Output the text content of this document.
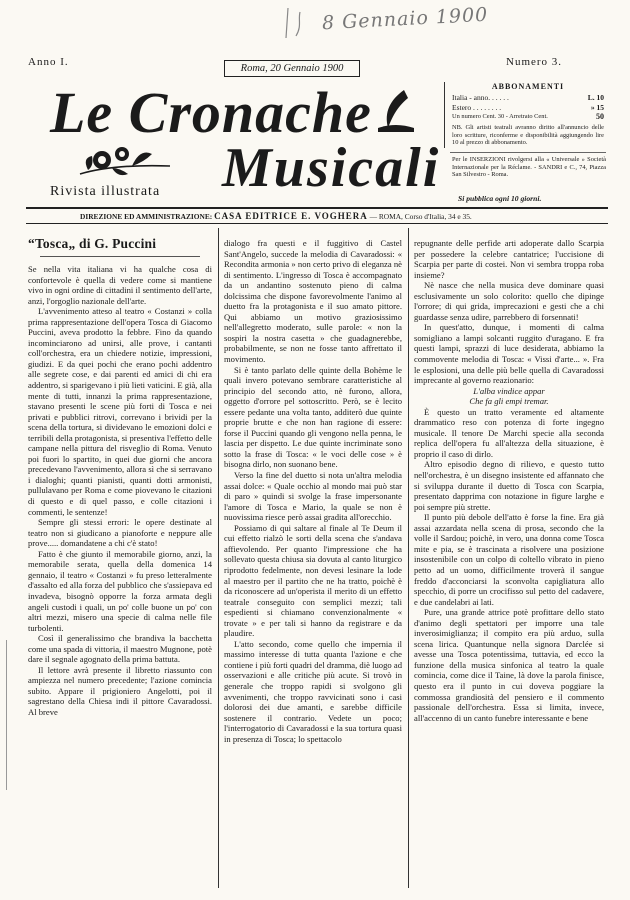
8 Gennaio 1900
Anno I.	Numero 3.
Roma, 20 Gennaio 1900
Le Cronache
Musicali
Rivista illustrata
ABBONAMENTI
Italia - anno. . . . . .	L. 10
Estero . . . . . . . .	» 15
Un numero Cent. 30 - Arretrato Cent.	50
NB. Gli artisti teatrali avranno diritto all'annuncio delle loro scritture, riconferme e disponibilità aggiungendo lire 10 al prezzo di abbonamento.
Per le INSERZIONI rivolgersi alla « Universale » Società Internazionale per la Réclame. - SANDRI e C., 74, Piazza San Silvestro - Roma.
Si pubblica ogni 10 giorni.
DIREZIONE ED AMMINISTRAZIONE: CASA EDITRICE E. VOGHERA — ROMA, Corso d'Italia, 34 e 35.
“Tosca„ di G. Puccini

Se nella vita italiana vi ha qualche cosa di confortevole è quella di vedere come si mantiene vivo in ogni ordine di cittadini il sentimento dell'arte, anzi, l'orgoglio nazionale dell'arte.

L'avvenimento atteso al teatro « Costanzi » colla prima rappresentazione dell'opera Tosca di Giacomo Puccini, aveva prodotto la febbre. Fino da quando incominciarono ad unirsi, alle prove, i cantanti coll'orchestra, era un chiedere notizie, impressioni, giudizi. E da quei pochi che erano pochi addentro alle segrete cose, e dai parenti ed amici di chi era addentro, si sparigevano i più lieti vaticini. E già, alla mente di tutti, innanzi la prima rappresentazione, stavano presenti le scene più forti di Tosca e nei privati e pubblici ritrovi, correvano i brividi per la scena della tortura, si dividevano le emozioni dolci e terribili della protagonista, si presentiva l'effetto delle campane nella pittura del risveglio di Roma. Venuto poi fuori lo spartito, in quei due giorni che ancora precedevano l'avvenimento, allora sì che si serravano i dialoghi; quanti pianisti, quanti dotti armonisti, pullulavano per Roma e come piovevano le citazioni di questo e di quel passo, e colle citazioni i commenti, le sentenze!

Sempre gli stessi errori: le opere destinate al teatro non si giudicano a pianoforte e neppure alle prove..... domandatene a chi c'è stato!

Fatto è che giunto il memorabile giorno, anzi, la memorabile serata, quella della domenica 14 gennaio, il teatro « Costanzi » fu preso letteralmente d'assalto ed alla forza del pubblico che s'assiepava ed invadeva, bisognò opporre la forza armata degli angeli custodi i quali, un po' colle buone un po' con altri mezzi, misero una specie di calma nelle file turbolenti.

Così il generalissimo che brandiva la bacchetta come una spada di vittoria, il maestro Mugnone, potè dare il segnale agognato della prima battuta.

Il lettore avrà presente il libretto riassunto con ampiezza nel numero precedente; l'azione comincia subito. Appare il prigioniero Angelotti, poi il sagrestano della Chiesa indi il pittore Cavaradossi. Al breve

dialogo fra questi e il fuggitivo di Castel Sant'Angelo, succede la melodia di Cavaradossi: « Recondita armonia » non certo privo di eleganza nè di sentimento. L'ingresso di Tosca è accompagnato da un andantino sostenuto pieno di calma dolcissima che dispone favorevolmente l'animo al duetto fra la protagonista e il suo amato pittore. Qui abbiamo un motivo graziosissimo nell'allegretto moderato, sulle parole: « non la sospiri la nostra casetta » che guadagnerebbe, probabilmente, se non ne fosse tanto affrettato il movimento.

Si è tanto parlato delle quinte della Bohème le quali invero potevano sembrare caratteristiche al principio del secondo atto, nè furono, allora, oggetto d'orrore pel sottoscritto. Però, se è lecito essere pedante una volta tanto, additerò due quinte proprie brutte e che non han ragione di essere: forse il Puccini quando gli vengono nella penna, le lascia per dispetto. Le due quinte incriminate sono sotto la frase di Tosca: « le voci delle cose » è bisogna dirlo, non suonano bene.

Verso la fine del duetto si nota un'altra melodia assai dolce: « Quale occhio al mondo mai può star di paro » quindi si svolge la frase impersonante l'amore di Tosca e Mario, la quale se non è nuovissima riesce però assai gradita all'orecchio.

Possiamo di qui saltare al finale al Te Deum il cui effetto rialzò le sorti della scena che s'andava affievolendo. Per quanto l'impressione che ha sollevato questa chiusa sia dovuta al canto liturgico riprodotto fedelmente, non devesi lesinare la lode al maestro per il partito che ne ha tratto, poichè è da riconoscere ad un'operista il merito di un effetto teatrale conseguito con semplici mezzi; tali espedienti si chiamano convenzionalmente « trovate » e per tali si hanno da registrare e da plaudire.

L'atto secondo, come quello che imperniа il massimo interesse di tutta quanta l'azione e che contiene i più forti quadri del dramma, diè luogo ad osservazioni e alle critiche più acute. Si trovò in generale che troppo rapidi si svolgono gli avvenimenti, che troppo ravvicinati sono i casi dolorosi dei due amanti, e sarebbe difficile sostenere il contrario. Vedete un poco; l'interrogatorio di Cavaradossi e la sua tortura quasi in presenza di Tosca; lo spettacolo

repugnante delle perfide arti adoperate dallo Scarpia per possedere la celebre cantatrice; l'uccisione di Scarpia per parte di costei. Non vi sembra troppa roba insieme?

Nè nasce che nella musica deve dominare quasi esclusivamente un solo colorito: quello che dipinge l'orrore; di qui grida, imprecazioni e gesti che a chi guardasse senza udire, parrebbero di forsennati!

In quest'atto, dunque, i momenti di calma somigliano a lampi solcanti ruggito d'uragano. E fra questi lampi, sprazzi di luce desiderata, abbiamo la commovente melodia di Tosca: « Vissi d'arte... ». Fra le esplosioni, una delle più belle quella di Cavaradossi imprecante al governo reazionario:

L'alba vindice appar

Che fa gli empi tremar.

È questo un tratto veramente ed altamente drammatico reso con potenza di forte ingegno musicale. Il tenore De Marchi specie alla seconda replica dell'opera fu all'altezza della situazione, è proprio il caso di dirlo.

Altro episodio degno di rilievo, e questo tutto nell'orchestra, è un disegno insistente ed affannato che si sviluppa durante il duetto di Tosca con Scarpia, presentato dapprima con notazione in figure larghe e poi sempre più strette.

Il punto più debole dell'atto è forse la fine. Era già assai azzardata nella scena di prosa, secondo che la volle il Sardou; poichè, in vero, una donna come Tosca mite e pia, se è trascinata a risolvere una posizione insostenibile con un colpo di coltello vibrato in pieno petto ad un uomo, difficilmente troverà il sangue freddo d'acconciarsi la sconvolta capigliatura allo specchio, di porre un crocifisso sul petto del cadavere, e due candelabri ai lati.

Pure, una grande attrice potè profittare dello stato d'animo degli spettatori per imporre una tale inverosimiglianza; il compito era più arduo, sulla scena lirica. Quantunque nella signora Darclée si avesse una Tosca potentissima, tuttavia, ed ecco la funzione della musica sinfonica al teatro la quale comincia, come dice il Taine, là dove la parola finisce, questo era il punto in cui doveva poggiare la commossa grandiosità del pensiero e il commento passionale dell'orchestra. Essa si limita, invece, all'accenno di un canto funebre interessante e bene
